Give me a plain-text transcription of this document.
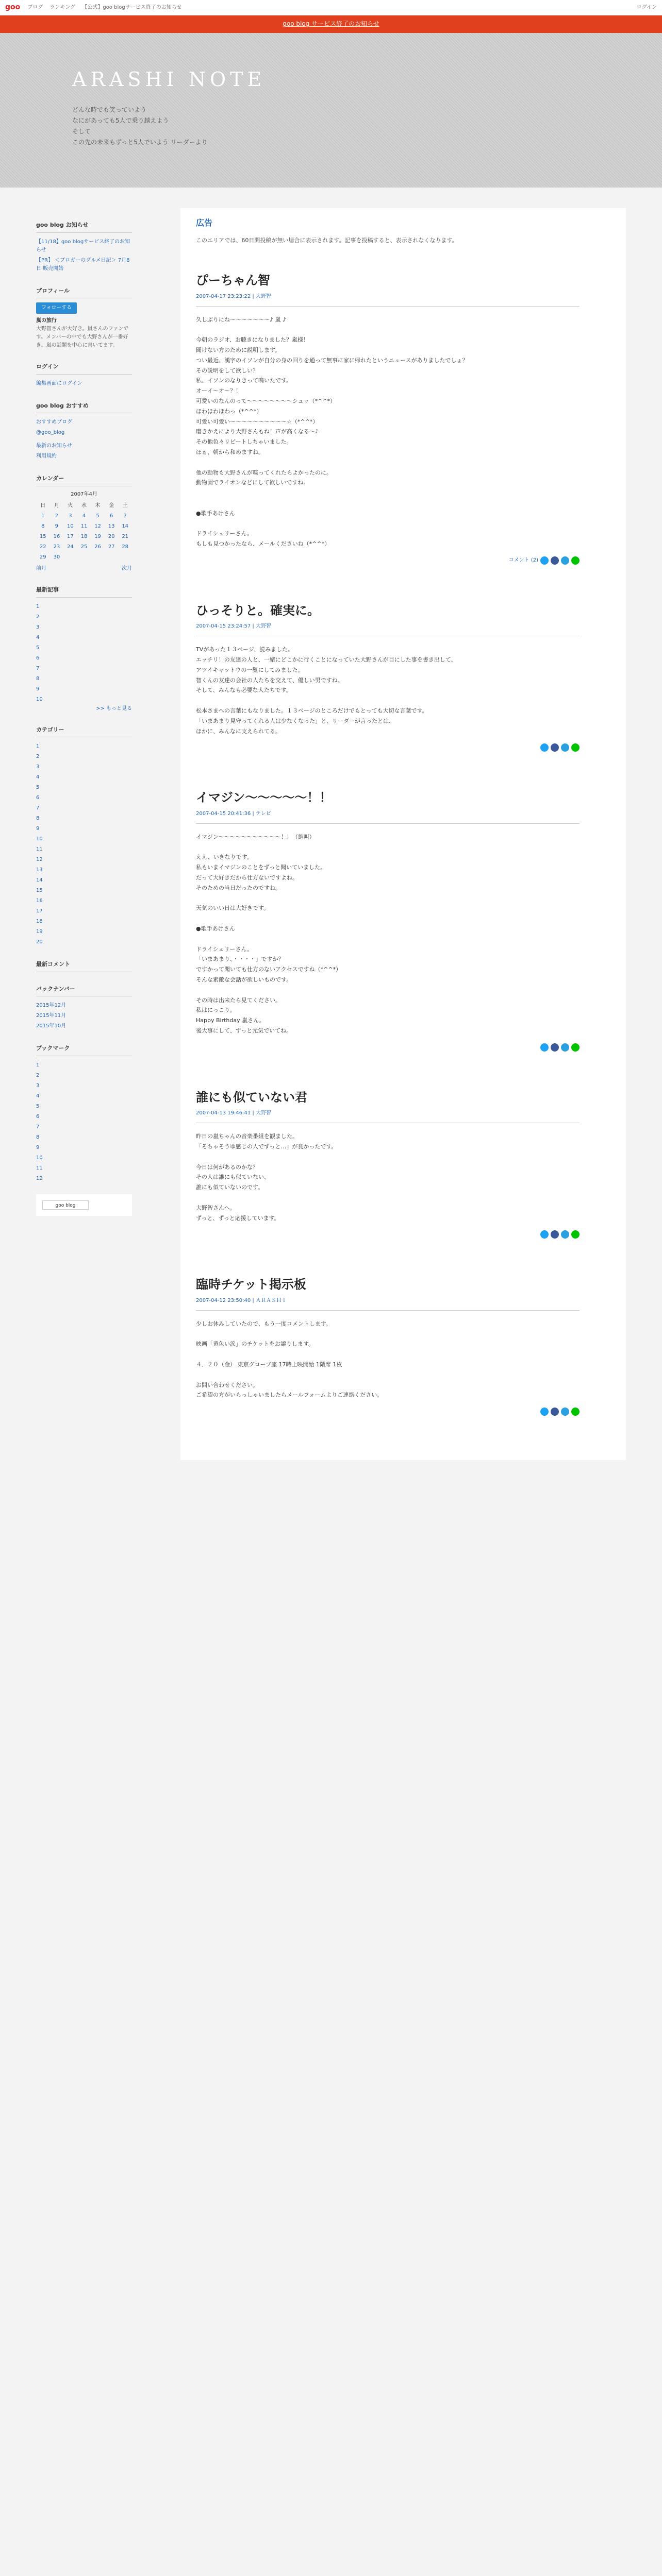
goo ブログ ランキング 【公式】goo blogサービス終了のお知らせ	ログイン
goo blog サービス終了のお知らせ
ARASHI NOTE
どんな時でも笑っていよう
なにがあっても5人で乗り越えよう
そして
この先の未来もずっと5人でいよう リーダーより
goo blog お知らせ
【11/18】goo blogサービス終了のお知らせ
【PR】 ＜ブロガーのグルメ日記＞ 7月8日 販売開始
プロフィール
フォローする
嵐の旅行
大野智さんが大好き。嵐さんのファンです。メンバーの中でも大野さんが一番好き。嵐の話題を中心に書いてます。
ログイン
編集画面にログイン
goo blog おすすめ
おすすめブログ
@goo_blog
最新のお知らせ
利用規約
カレンダー
2007年4月
日	月	火	水	木	金	土
1	2	3	4	5	6	7
8	9	10	11	12	13	14
15	16	17	18	19	20	21
22	23	24	25	26	27	28
29	30					
前月	次月
最新記事
1
2
3
4
5
6
7
8
9
10
>> もっと見る
カテゴリー
1
2
3
4
5
6
7
8
9
10
11
12
13
14
15
16
17
18
19
20
最新コメント
バックナンバー
2015年12月
2015年11月
2015年10月
ブックマーク
1
2
3
4
5
6
7
8
9
10
11
12
goo blog
広告
このエリアでは、60日間投稿が無い場合に表示されます。記事を投稿すると、表示されなくなります。
ぴーちゃん智
2007-04-17 23:23:22 | 大野智

久しぶりにね〜〜〜〜〜〜〜♪ 嵐 ♪

今朝のラジオ、お聴きになりました？嵐様！

聞けない方のために説明します。

つい最近、漢字のイソンが自分の身の回りを通って無事に家に帰れたというニュースがありましたでしょ？

その説明をして欲しい？

私、イソンのなりきって鳴いたです。

オーイ〜オ〜？！

可愛いのなんのって〜〜〜〜〜〜〜〜シュッ（*^^*）

ほわほわほわっ（*^^*）

可愛い可愛い〜〜〜〜〜〜〜〜〜〜☆（*^^*）

磨きかえにより大野さんもね！声が高くなる〜♪

その他色々リピートしちゃいました。

ほぁ、朝から和めますね。

他の動物も大野さんが喋ってくれたらよかったのに。

動物園でライオンなどにして欲しいですね。

●歌手あけさん

ドライシェリーさん。

もしも見つかったなら、メールくださいね（*^^*）

コメント (2)
ひっそりと。確実に。
2007-04-15 23:24:57 | 大野智

TVがあった１３ページ、読みました。

エッチリ！の友達の人と、一緒にどこかに行くことになっていた大野さんが目にした事を書き出して、

アツイキャットウの一覧にしてみました。

智くんの友達の会社の人たちを交えて、優しい男ですね。

そして、みんなも必要な人たちです。

松本さまへの言葉にもなりました。１３ページのところだけでもとっても大切な言葉です。

「いまあまり見守ってくれる人は少なくなった」と、リーダーが言ったとは、

ほかに、みんなに支えられてる。

イマジン〜〜〜〜〜！！
2007-04-15 20:41:36 | テレビ

イマジン〜〜〜〜〜〜〜〜〜〜〜！！（絶叫）

ええ、いきなりです。

私もいまイマジンのことをずっと聞いていました。

だって大好きだから仕方ないですよね。

そのための当日だったのですね。

天気のいい日は大好きです。

●歌手あけさん

ドライシェリーさん。

「いまあまり、・・・・」ですか？

ですかって聞いても仕方のないアクセスですね（*^^*）

そんな素敵な会話が欲しいものです。

その時は出来たら見てください。

私はにっこり。

Happy Birthday 嵐さん。

後大事にして、ずっと元気でいてね。

誰にも似ていない君
2007-04-13 19:46:41 | 大野智

昨日の嵐ちゃんの音楽番組を観ました。

「そちゃそうゆ感じの人でずっと…」が良かったです。

今日は何があるのかな？

その人は誰にも似ていない、

誰にも似ていないのです。

大野智さんへ。

ずっと、ずっと応援しています。

臨時チケット掲示板
2007-04-12 23:50:40 | ＡＲＡＳＨＩ

少しお休みしていたので、もう一度コメントします。

映画「黄色い涙」のチケットをお譲りします。

４．２０（金） 東京グローブ座 17時上映開始 1階席 1枚

お問い合わせください。

ご希望の方がいらっしゃいましたらメールフォームよりご連絡ください。
